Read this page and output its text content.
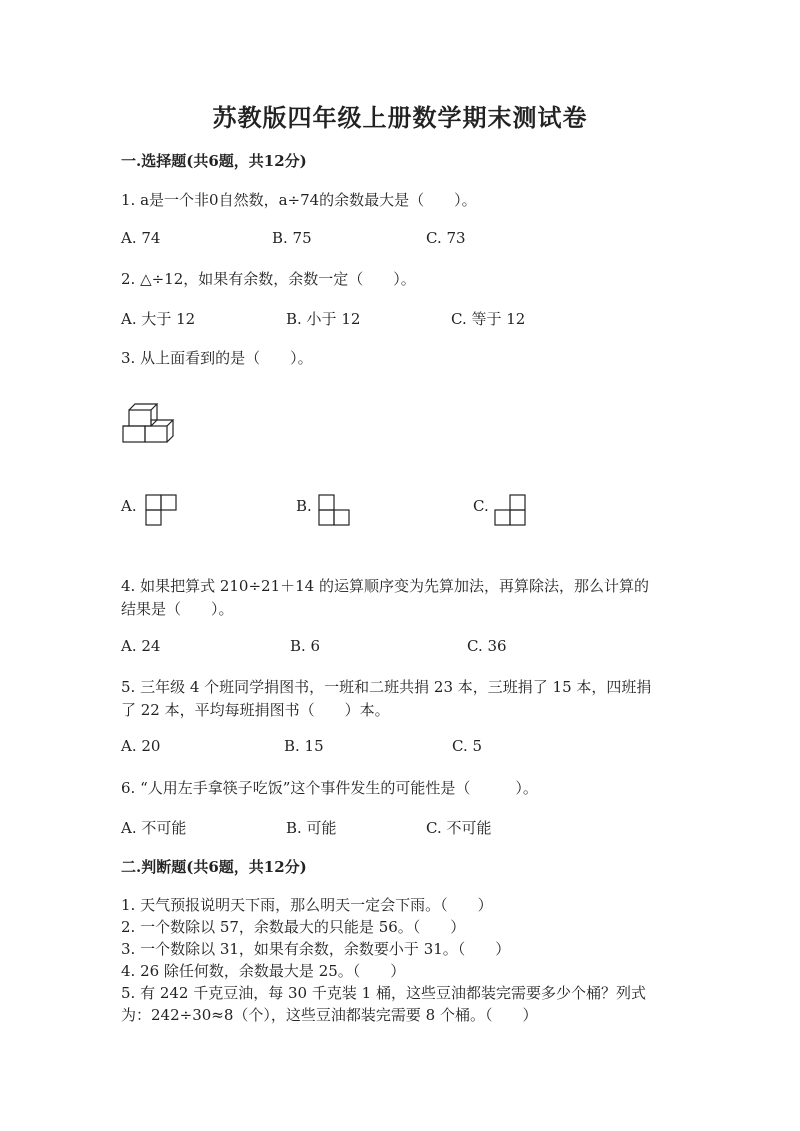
苏教版四年级上册数学期末测试卷
一.选择题(共6题，共12分)
1. a是一个非0自然数，a÷74的余数最大是（　　）。
A. 74	B. 75	C. 73
2. △÷12，如果有余数，余数一定（　　）。
A. 大于 12	B. 小于 12	C. 等于 12
3. 从上面看到的是（　　）。
A.	B.	C.
4. 如果把算式 210÷21＋14 的运算顺序变为先算加法，再算除法，那么计算的
结果是（　　）。
A. 24	B. 6	C. 36
5. 三年级 4 个班同学捐图书，一班和二班共捐 23 本，三班捐了 15 本，四班捐
了 22 本，平均每班捐图书（　　）本。
A. 20	B. 15	C. 5
6. “人用左手拿筷子吃饭”这个事件发生的可能性是（　　　）。
A. 不可能	B. 可能	C. 不可能
二.判断题(共6题，共12分)
1. 天气预报说明天下雨，那么明天一定会下雨。（　　）
2. 一个数除以 57，余数最大的只能是 56。（　　）
3. 一个数除以 31，如果有余数，余数要小于 31。（　　）
4. 26 除任何数，余数最大是 25。（　　）
5. 有 242 千克豆油，每 30 千克装 1 桶，这些豆油都装完需要多少个桶？列式
为：242÷30≈8（个），这些豆油都装完需要 8 个桶。（　　）
